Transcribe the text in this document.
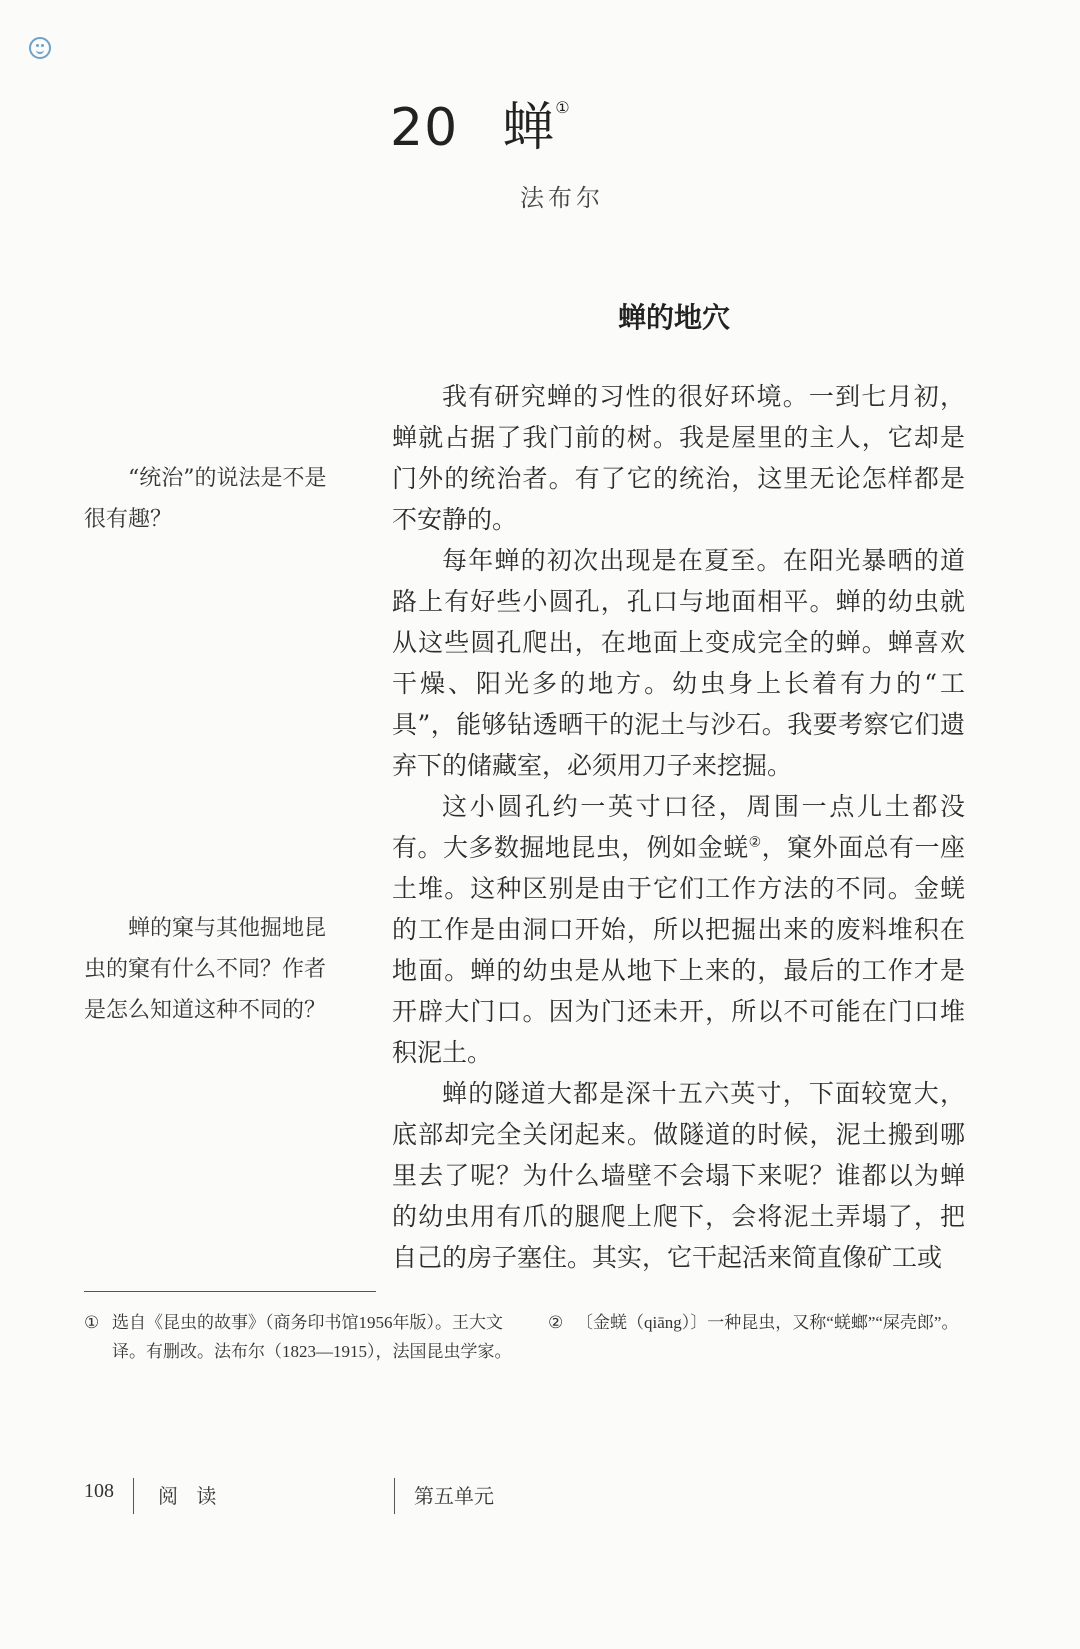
20 蝉①
法布尔
蝉的地穴

我有研究蝉的习性的很好环境。一到七月初，蝉就占据了我门前的树。我是屋里的主人，它却是门外的统治者。有了它的统治，这里无论怎样都是不安静的。

每年蝉的初次出现是在夏至。在阳光暴晒的道路上有好些小圆孔，孔口与地面相平。蝉的幼虫就从这些圆孔爬出，在地面上变成完全的蝉。蝉喜欢干燥、阳光多的地方。幼虫身上长着有力的“工具”，能够钻透晒干的泥土与沙石。我要考察它们遗弃下的储藏室，必须用刀子来挖掘。

这小圆孔约一英寸口径，周围一点儿土都没有。大多数掘地昆虫，例如金蜣②，窠外面总有一座土堆。这种区别是由于它们工作方法的不同。金蜣的工作是由洞口开始，所以把掘出来的废料堆积在地面。蝉的幼虫是从地下上来的，最后的工作才是开辟大门口。因为门还未开，所以不可能在门口堆积泥土。

蝉的隧道大都是深十五六英寸，下面较宽大，底部却完全关闭起来。做隧道的时候，泥土搬到哪里去了呢？为什么墙壁不会塌下来呢？谁都以为蝉的幼虫用有爪的腿爬上爬下，会将泥土弄塌了，把自己的房子塞住。其实，它干起活来简直像矿工或

“统治”的说法是不是很有趣？

蝉的窠与其他掘地昆虫的窠有什么不同？作者是怎么知道这种不同的？

① 选自《昆虫的故事》（商务印书馆1956年版）。王大文译。有删改。法布尔（1823—1915），法国昆虫学家。
② 〔金蜣（qiāng）〕一种昆虫，又称“蜣螂”“屎壳郎”。
108 阅 读	第五单元
